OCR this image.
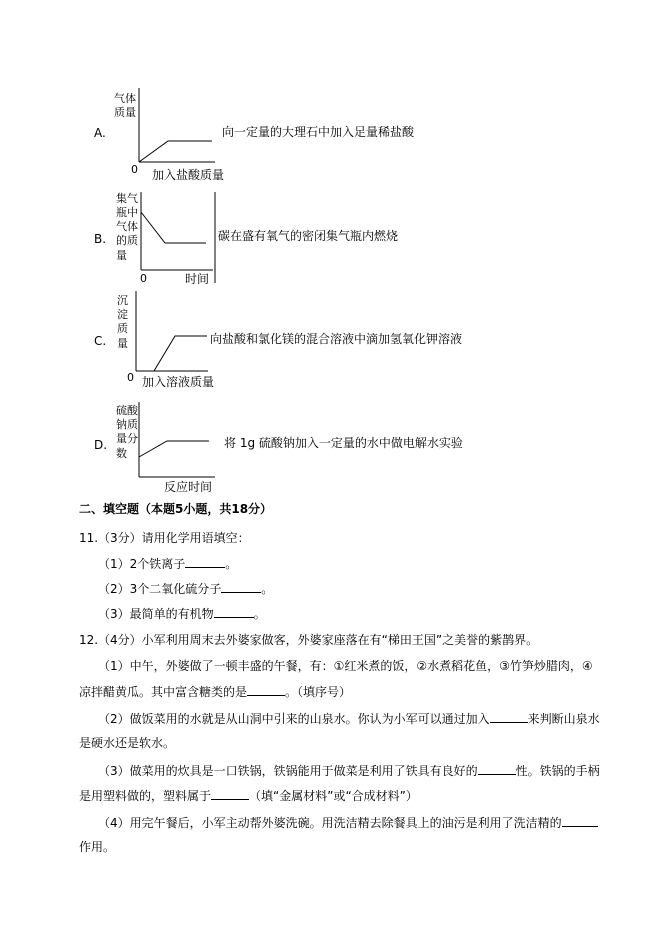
A.
气体
质量
0 加入盐酸质量
向一定量的大理石中加入足量稀盐酸
B.
集气
瓶中
气体
的质
量
0	时间
碳在盛有氧气的密闭集气瓶内燃烧
C.
沉
淀
质
量
0 加入溶液质量
向盐酸和氯化镁的混合溶液中滴加氢氧化钾溶液
D.
硫酸
钠质
量分
数
反应时间
将 1g 硫酸钠加入一定量的水中做电解水实验
二、填空题（本题5小题，共18分）
11. （3分）请用化学用语填空：
（1）2个铁离子	。
（2）3个二氧化硫分子	。
（3）最简单的有机物	。
12. （4分）小军利用周末去外婆家做客，外婆家座落在有“梯田王国”之美誉的紫鹊界。
（1）中午，外婆做了一顿丰盛的午餐，有：①红米煮的饭，②水煮稻花鱼，③竹笋炒腊肉，④
凉拌醋黄瓜。其中富含糖类的是	。（填序号）
（2）做饭菜用的水就是从山洞中引来的山泉水。你认为小军可以通过加入	来判断山泉水
是硬水还是软水。
（3）做菜用的炊具是一口铁锅，铁锅能用于做菜是利用了铁具有良好的	性。铁锅的手柄
是用塑料做的，塑料属于	（填“金属材料”或“合成材料”）
（4）用完午餐后，小军主动帮外婆洗碗。用洗洁精去除餐具上的油污是利用了洗洁精的
作用。
